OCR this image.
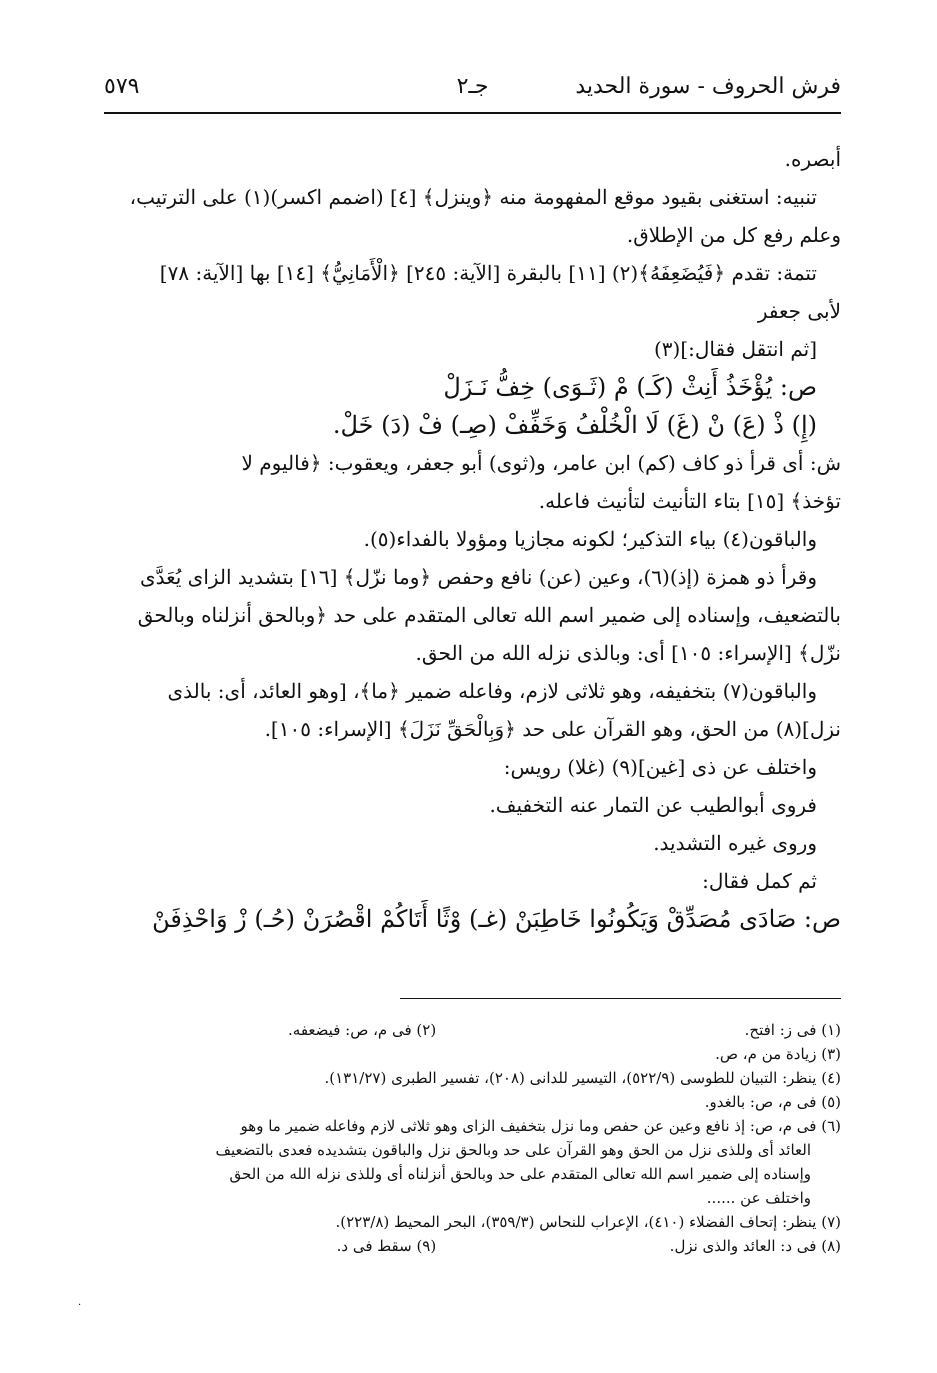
فرش الحروف - سورة الحديد
جـ٢
٥٧٩
أبصره.
تنبيه: استغنى بقيود موقع المفهومة منه ﴿وينزل﴾ [٤] (اضمم اكسر)(١) على الترتيب،
وعلم رفع كل من الإطلاق.
تتمة: تقدم ﴿فَيُضَعِفَهُ﴾(٢) [١١] بالبقرة [الآية: ٢٤٥] ﴿الْأَمَانِيُّ﴾ [١٤] بها [الآية: ٧٨]
لأبى جعفر
[ثم انتقل فقال:](٣)
ص: يُؤْخَذُ أَنِثْ (كَـ) مْ (ثَـوَى) خِفُّ نَـزَلْ
(إِ) ذْ (عَ) نْ (غَ) لَا الْخُلْفُ وَخَفِّفْ (صِـ) فْ (دَ) خَلْ.
ش: أى قرأ ذو كاف (كم) ابن عامر، و(ثوى) أبو جعفر، ويعقوب: ﴿فاليوم لا
تؤخذ﴾ [١٥] بتاء التأنيث لتأنيث فاعله.
والباقون(٤) بياء التذكير؛ لكونه مجازيا ومؤولا بالفداء(٥).
وقرأ ذو همزة (إذ)(٦)، وعين (عن) نافع وحفص ﴿وما نزّل﴾ [١٦] بتشديد الزاى يُعَدَّى
بالتضعيف، وإسناده إلى ضمير اسم الله تعالى المتقدم على حد ﴿وبالحق أنزلناه وبالحق
نزّل﴾ [الإسراء: ١٠٥] أى: وبالذى نزله الله من الحق.
والباقون(٧) بتخفيفه، وهو ثلاثى لازم، وفاعله ضمير ﴿ما﴾، [وهو العائد، أى: بالذى
نزل](٨) من الحق، وهو القرآن على حد ﴿وَبِالْحَقِّ نَزَلَ﴾ [الإسراء: ١٠٥].
واختلف عن ذى [غين](٩) (غلا) رويس:
فروى أبوالطيب عن التمار عنه التخفيف.
وروى غيره التشديد.
ثم كمل فقال:
ص: صَادَى مُصَدِّقْ وَيَكُونُوا خَاطِبَنْ (غـ) وْثًا أَتَاكُمْ اقْصُرَنْ (حُـ) زْ وَاحْذِفَنْ
(١) فى ز: افتح. (٢) فى م، ص: فيضعفه.
(٣) زيادة من م، ص.
(٤) ينظر: التبيان للطوسى (٥٢٢/٩)، التيسير للدانى (٢٠٨)، تفسير الطبرى (١٣١/٢٧).
(٥) فى م، ص: بالغدو.
(٦) فى م، ص: إذ نافع وعين عن حفص وما نزل بتخفيف الزاى وهو ثلاثى لازم وفاعله ضمير ما وهو
العائد أى وللذى نزل من الحق وهو القرآن على حد وبالحق نزل والباقون بتشديده فعدى بالتضعيف
وإسناده إلى ضمير اسم الله تعالى المتقدم على حد وبالحق أنزلناه أى وللذى نزله الله من الحق
واختلف عن ......
(٧) ينظر: إتحاف الفضلاء (٤١٠)، الإعراب للنحاس (٣٥٩/٣)، البحر المحيط (٢٢٣/٨).
(٨) فى د: العائد والذى نزل. (٩) سقط فى د.
·
